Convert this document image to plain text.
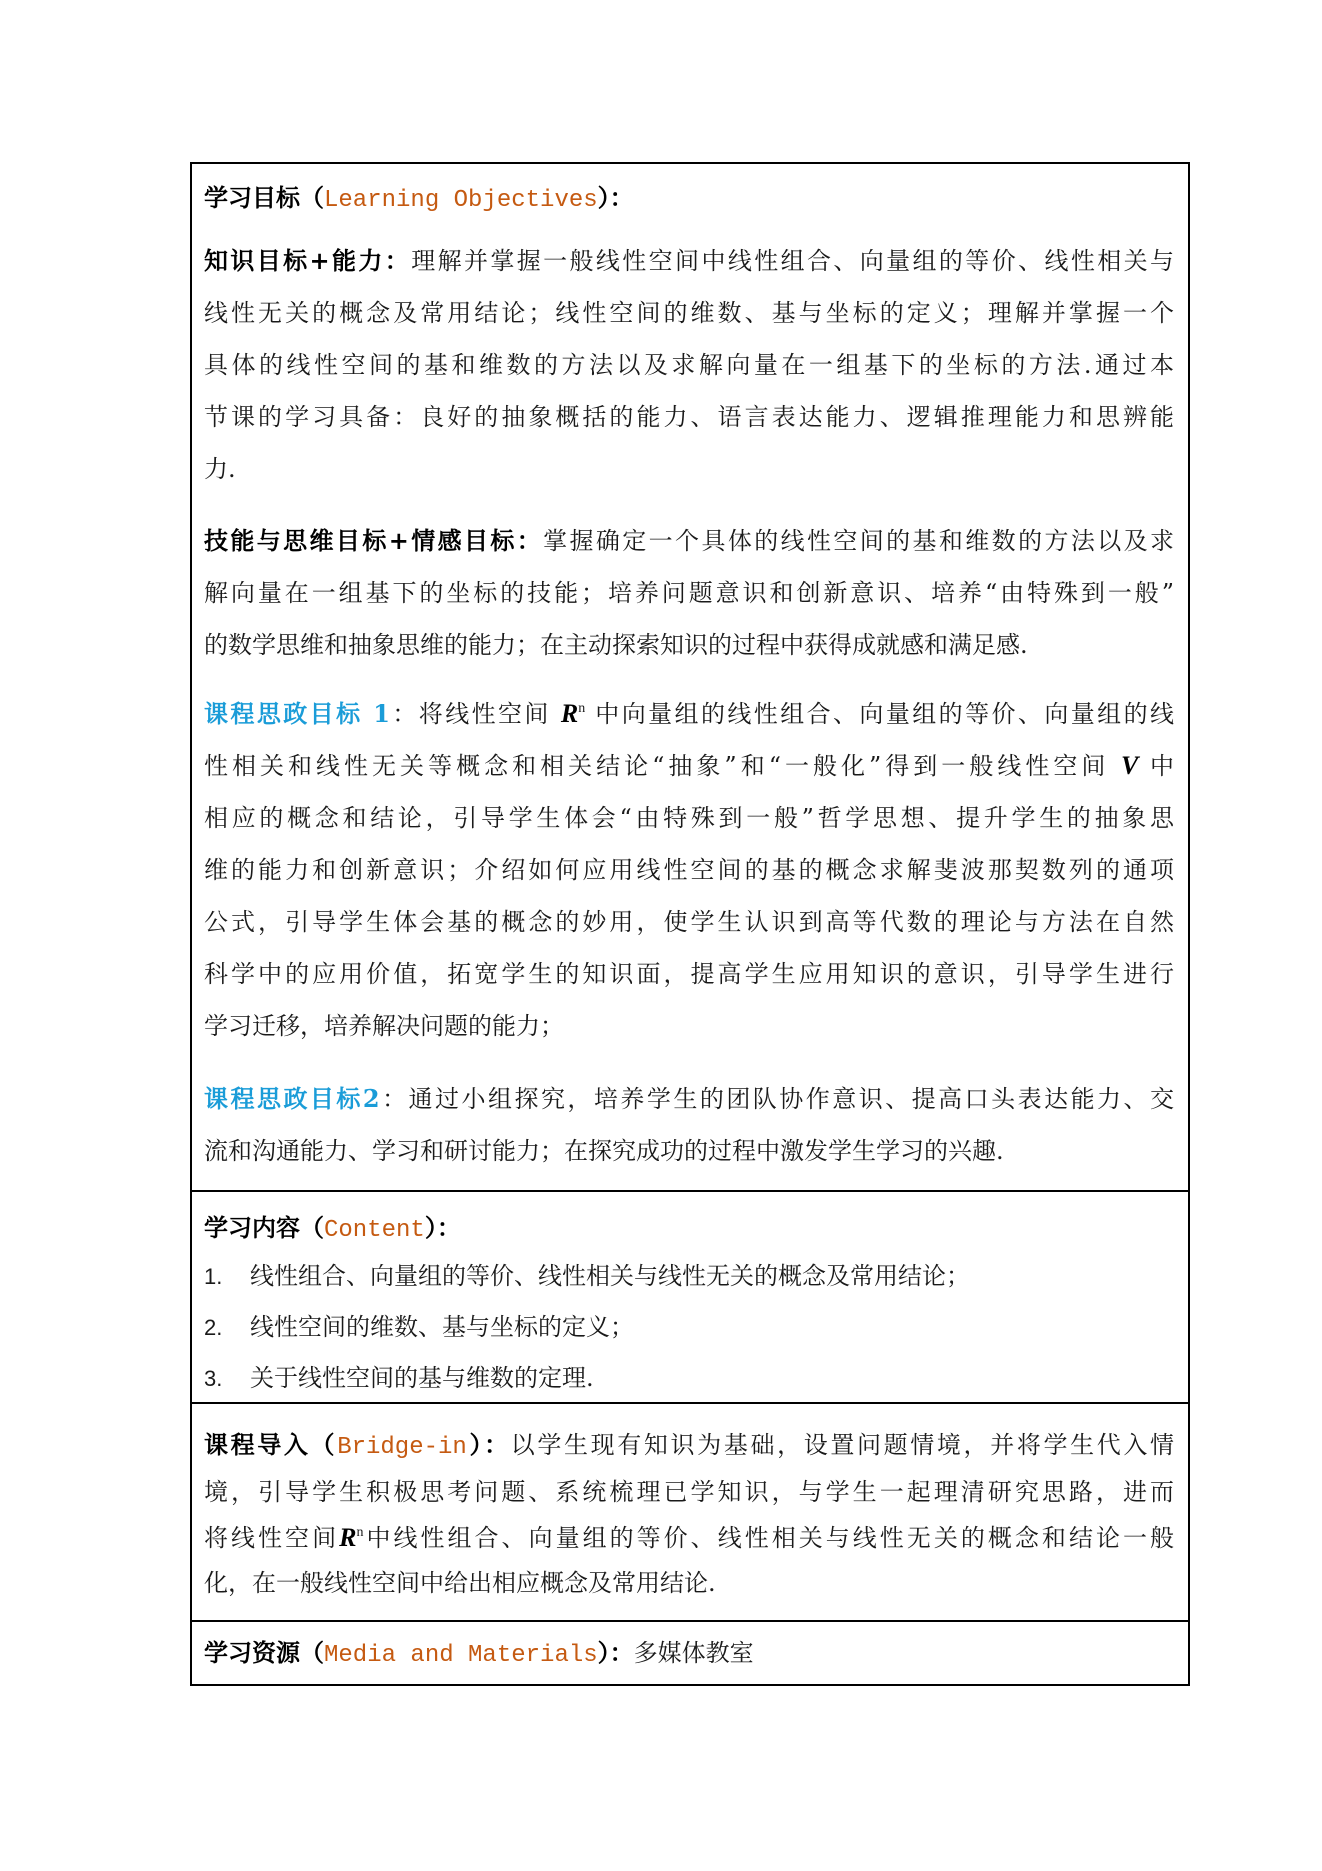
学习目标（Learning Objectives）：
知识目标+能力：理解并掌握一般线性空间中线性组合、向量组的等价、线性相关与
线性无关的概念及常用结论；线性空间的维数、基与坐标的定义；理解并掌握一个
具体的线性空间的基和维数的方法以及求解向量在一组基下的坐标的方法.通过本
节课的学习具备：良好的抽象概括的能力、语言表达能力、逻辑推理能力和思辨能
力.
技能与思维目标+情感目标：掌握确定一个具体的线性空间的基和维数的方法以及求
解向量在一组基下的坐标的技能；培养问题意识和创新意识、培养“由特殊到一般”
的数学思维和抽象思维的能力；在主动探索知识的过程中获得成就感和满足感.
课程思政目标 1：将线性空间 $R^n$ 中向量组的线性组合、向量组的等价、向量组的线
性相关和线性无关等概念和相关结论“抽象”和“一般化”得到一般线性空间 V 中
相应的概念和结论，引导学生体会“由特殊到一般”哲学思想、提升学生的抽象思
维的能力和创新意识；介绍如何应用线性空间的基的概念求解斐波那契数列的通项
公式，引导学生体会基的概念的妙用，使学生认识到高等代数的理论与方法在自然
科学中的应用价值，拓宽学生的知识面，提高学生应用知识的意识，引导学生进行
学习迁移，培养解决问题的能力；
课程思政目标2：通过小组探究，培养学生的团队协作意识、提高口头表达能力、交
流和沟通能力、学习和研讨能力；在探究成功的过程中激发学生学习的兴趣.
学习内容（Content）：
1.	线性组合、向量组的等价、线性相关与线性无关的概念及常用结论；
2.	线性空间的维数、基与坐标的定义；
3.	关于线性空间的基与维数的定理.
课程导入（Bridge-in）：以学生现有知识为基础，设置问题情境，并将学生代入情
境，引导学生积极思考问题、系统梳理已学知识，与学生一起理清研究思路，进而
将线性空间$R^n$中线性组合、向量组的等价、线性相关与线性无关的概念和结论一般
化，在一般线性空间中给出相应概念及常用结论.
学习资源（Media and Materials）：多媒体教室
